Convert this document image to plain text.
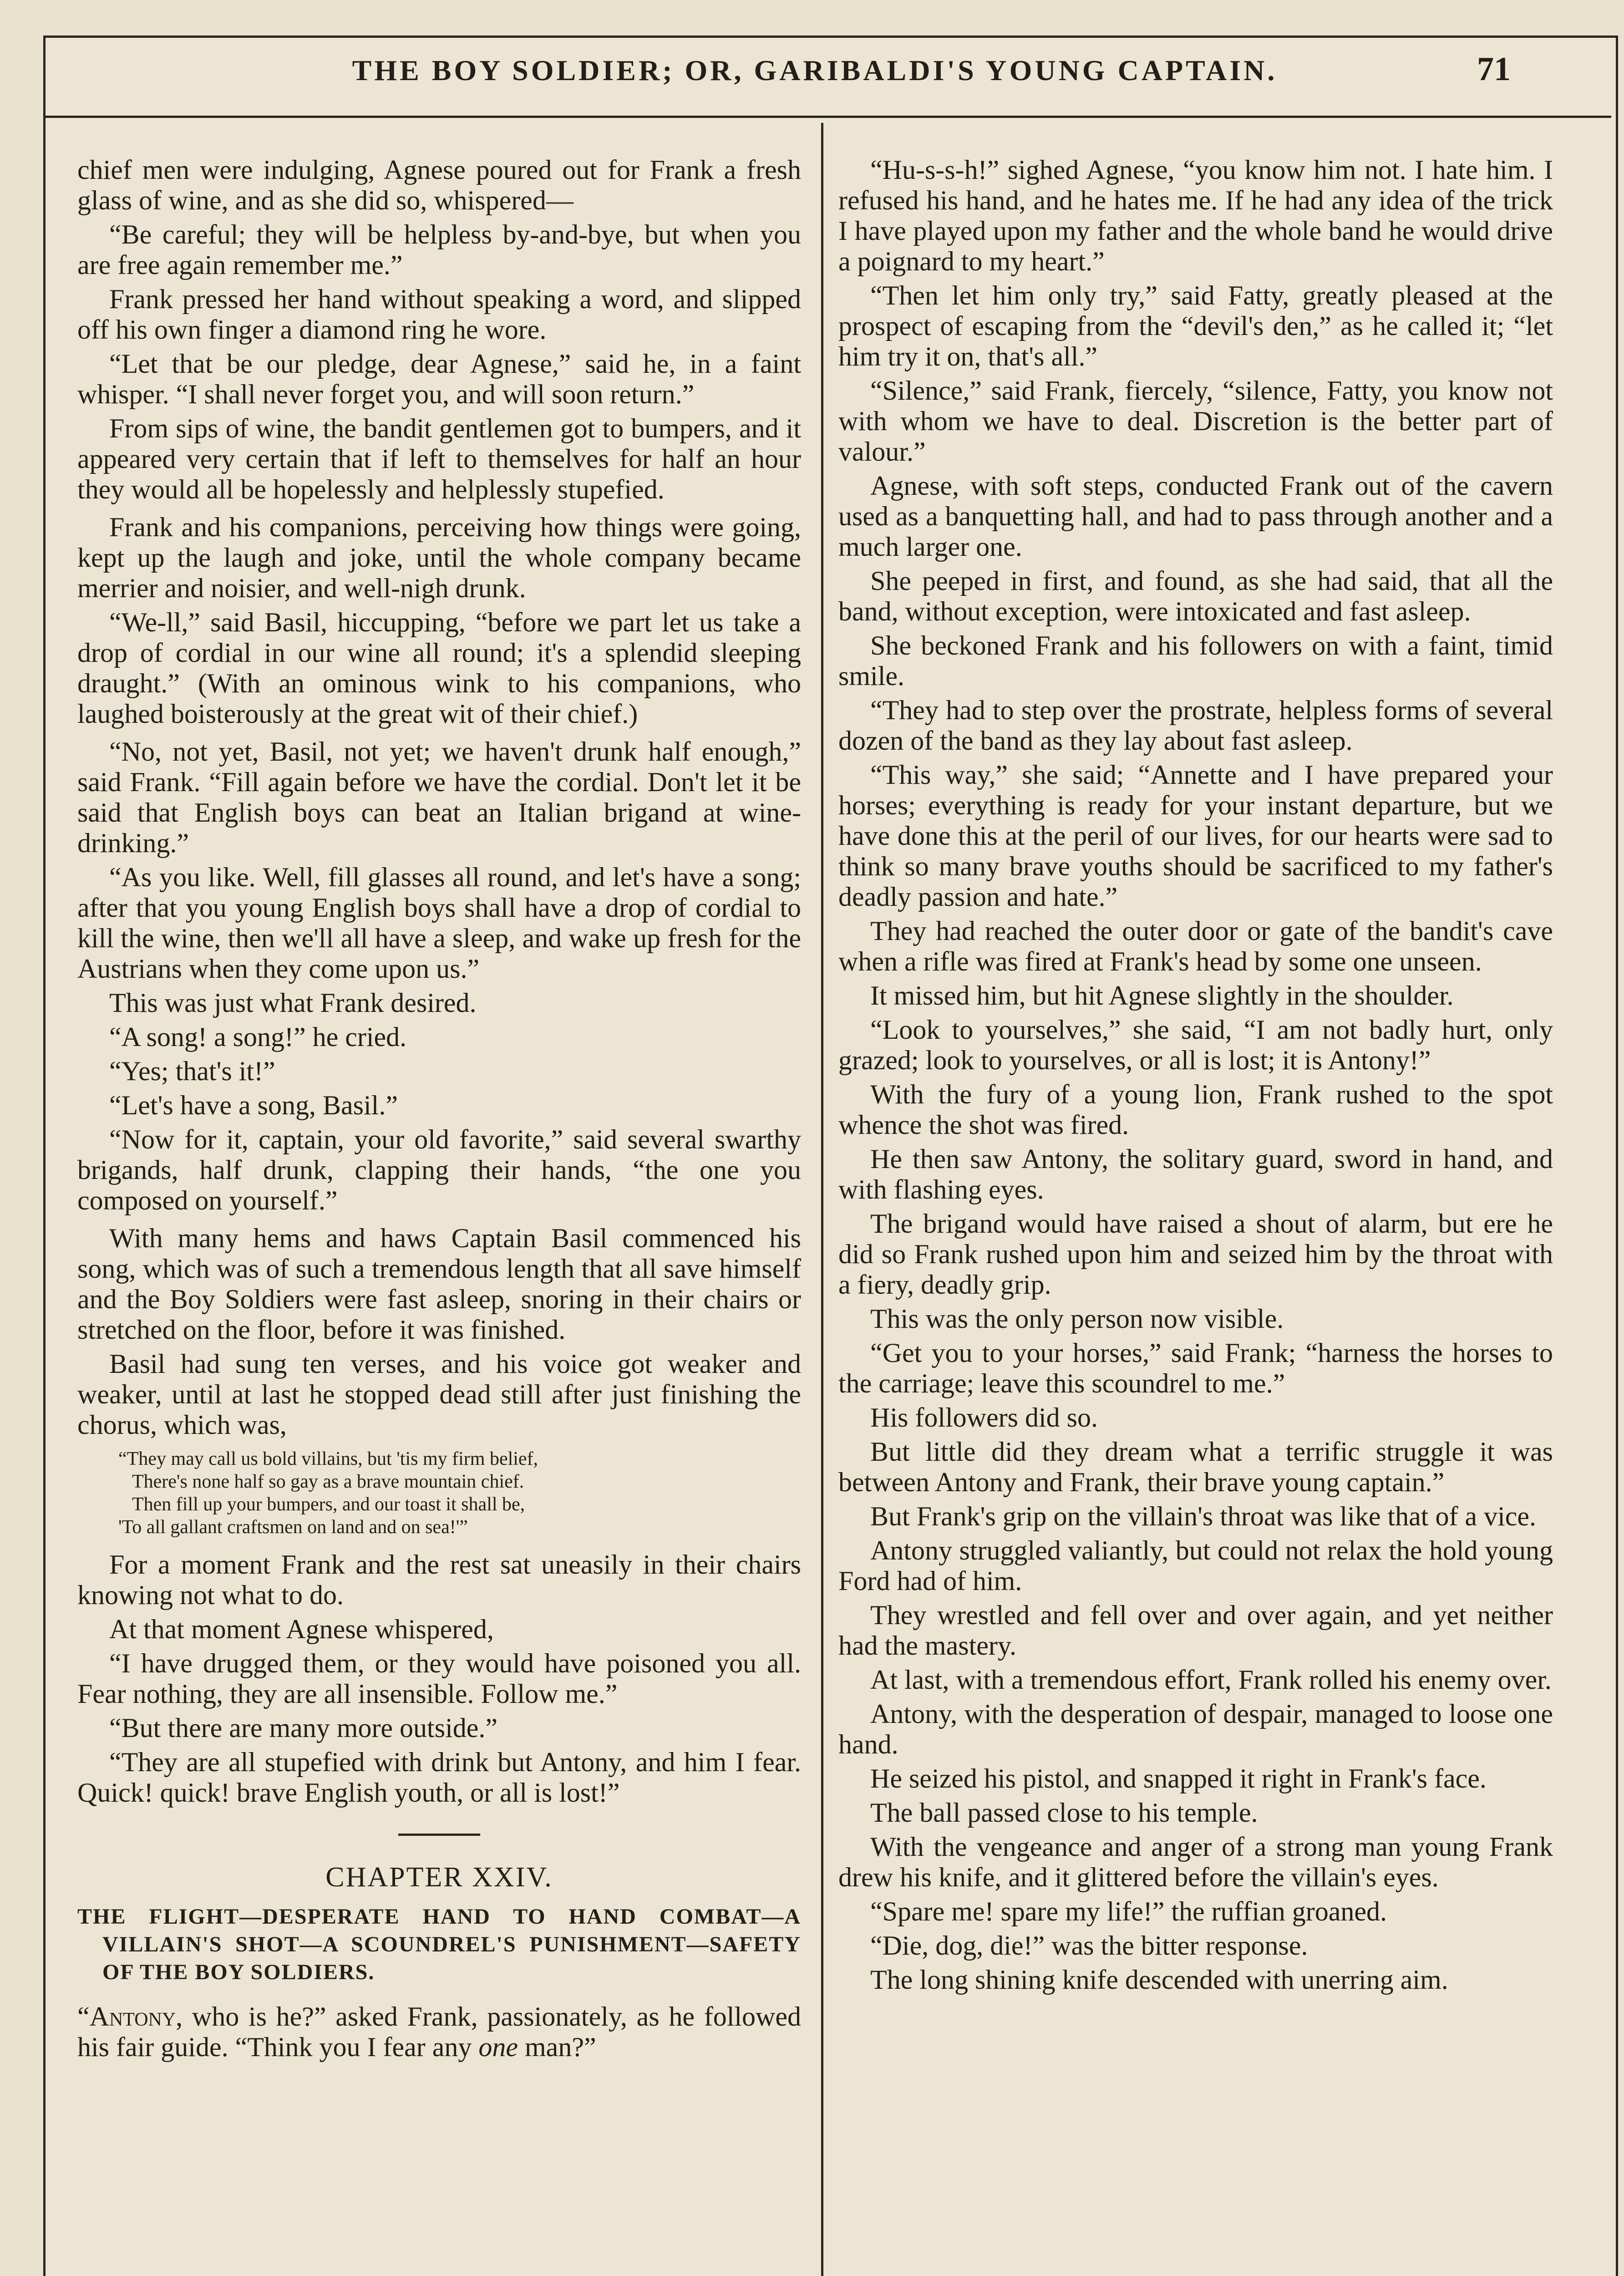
THE BOY SOLDIER; OR, GARIBALDI'S YOUNG CAPTAIN.	71

chief men were indulging, Agnese poured out for Frank a fresh glass of wine, and as she did so, whispered—

“Be careful; they will be helpless by-and-bye, but when you are free again remember me.”

Frank pressed her hand without speaking a word, and slipped off his own finger a diamond ring he wore.

“Let that be our pledge, dear Agnese,” said he, in a faint whisper. “I shall never forget you, and will soon return.”

From sips of wine, the bandit gentlemen got to bumpers, and it appeared very certain that if left to themselves for half an hour they would all be hopelessly and helplessly stupefied.

Frank and his companions, perceiving how things were going, kept up the laugh and joke, until the whole company became merrier and noisier, and well-nigh drunk.

“We-ll,” said Basil, hiccupping, “before we part let us take a drop of cordial in our wine all round; it's a splendid sleeping draught.” (With an ominous wink to his companions, who laughed boisterously at the great wit of their chief.)

“No, not yet, Basil, not yet; we haven't drunk half enough,” said Frank. “Fill again before we have the cordial. Don't let it be said that English boys can beat an Italian brigand at wine-drinking.”

“As you like. Well, fill glasses all round, and let's have a song; after that you young English boys shall have a drop of cordial to kill the wine, then we'll all have a sleep, and wake up fresh for the Austrians when they come upon us.”

This was just what Frank desired.

“A song! a song!” he cried.

“Yes; that's it!”

“Let's have a song, Basil.”

“Now for it, captain, your old favorite,” said several swarthy brigands, half drunk, clapping their hands, “the one you composed on yourself.”

With many hems and haws Captain Basil commenced his song, which was of such a tremendous length that all save himself and the Boy Soldiers were fast asleep, snoring in their chairs or stretched on the floor, before it was finished.

Basil had sung ten verses, and his voice got weaker and weaker, until at last he stopped dead still after just finishing the chorus, which was,

“They may call us bold villains, but 'tis my firm belief,
There's none half so gay as a brave mountain chief.
Then fill up your bumpers, and our toast it shall be,
'To all gallant craftsmen on land and on sea!'”

For a moment Frank and the rest sat uneasily in their chairs knowing not what to do.

At that moment Agnese whispered,

“I have drugged them, or they would have poisoned you all. Fear nothing, they are all insensible. Follow me.”

“But there are many more outside.”

“They are all stupefied with drink but Antony, and him I fear. Quick! quick! brave English youth, or all is lost!”

CHAPTER XXIV.
THE FLIGHT—DESPERATE HAND TO HAND COMBAT—A VILLAIN'S SHOT—A SCOUNDREL'S PUNISHMENT—SAFETY OF THE BOY SOLDIERS.

“Antony, who is he?” asked Frank, passionately, as he followed his fair guide. “Think you I fear any one man?”

“Hu-s-s-h!” sighed Agnese, “you know him not. I hate him. I refused his hand, and he hates me. If he had any idea of the trick I have played upon my father and the whole band he would drive a poignard to my heart.”

“Then let him only try,” said Fatty, greatly pleased at the prospect of escaping from the “devil's den,” as he called it; “let him try it on, that's all.”

“Silence,” said Frank, fiercely, “silence, Fatty, you know not with whom we have to deal. Discretion is the better part of valour.”

Agnese, with soft steps, conducted Frank out of the cavern used as a banquetting hall, and had to pass through another and a much larger one.

She peeped in first, and found, as she had said, that all the band, without exception, were intoxicated and fast asleep.

She beckoned Frank and his followers on with a faint, timid smile.

“They had to step over the prostrate, helpless forms of several dozen of the band as they lay about fast asleep.

“This way,” she said; “Annette and I have prepared your horses; everything is ready for your instant departure, but we have done this at the peril of our lives, for our hearts were sad to think so many brave youths should be sacrificed to my father's deadly passion and hate.”

They had reached the outer door or gate of the bandit's cave when a rifle was fired at Frank's head by some one unseen.

It missed him, but hit Agnese slightly in the shoulder.

“Look to yourselves,” she said, “I am not badly hurt, only grazed; look to yourselves, or all is lost; it is Antony!”

With the fury of a young lion, Frank rushed to the spot whence the shot was fired.

He then saw Antony, the solitary guard, sword in hand, and with flashing eyes.

The brigand would have raised a shout of alarm, but ere he did so Frank rushed upon him and seized him by the throat with a fiery, deadly grip.

This was the only person now visible.

“Get you to your horses,” said Frank; “harness the horses to the carriage; leave this scoundrel to me.”

His followers did so.

But little did they dream what a terrific struggle it was between Antony and Frank, their brave young captain.”

But Frank's grip on the villain's throat was like that of a vice.

Antony struggled valiantly, but could not relax the hold young Ford had of him.

They wrestled and fell over and over again, and yet neither had the mastery.

At last, with a tremendous effort, Frank rolled his enemy over.

Antony, with the desperation of despair, managed to loose one hand.

He seized his pistol, and snapped it right in Frank's face.

The ball passed close to his temple.

With the vengeance and anger of a strong man young Frank drew his knife, and it glittered before the villain's eyes.

“Spare me! spare my life!” the ruffian groaned.

“Die, dog, die!” was the bitter response.

The long shining knife descended with unerring aim.
